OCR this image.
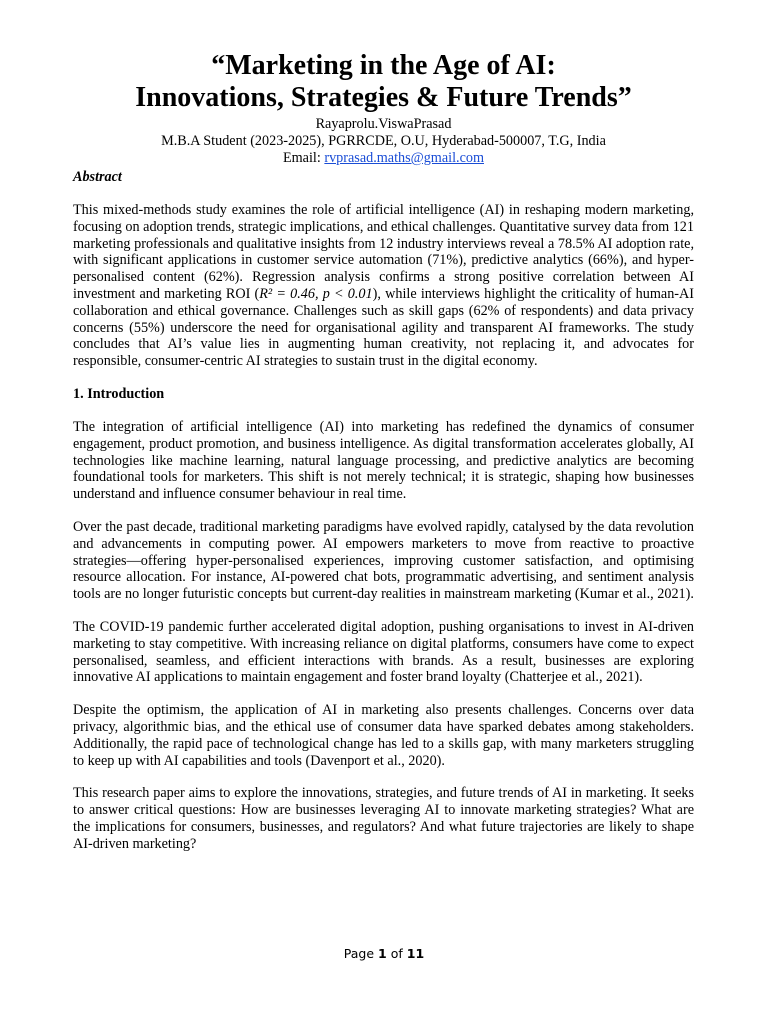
“Marketing in the Age of AI:
Innovations, Strategies & Future Trends”
Rayaprolu.ViswaPrasad
M.B.A Student (2023-2025), PGRRCDE, O.U, Hyderabad-500007, T.G, India
Email: rvprasad.maths@gmail.com
Abstract

This mixed-methods study examines the role of artificial intelligence (AI) in reshaping modern marketing, focusing on adoption trends, strategic implications, and ethical challenges. Quantitative survey data from 121 marketing professionals and qualitative insights from 12 industry interviews reveal a 78.5% AI adoption rate, with significant applications in customer service automation (71%), predictive analytics (66%), and hyper-personalised content (62%). Regression analysis confirms a strong positive correlation between AI investment and marketing ROI (R² = 0.46, p < 0.01), while interviews highlight the criticality of human-AI collaboration and ethical governance. Challenges such as skill gaps (62% of respondents) and data privacy concerns (55%) underscore the need for organisational agility and transparent AI frameworks. The study concludes that AI’s value lies in augmenting human creativity, not replacing it, and advocates for responsible, consumer-centric AI strategies to sustain trust in the digital economy.

1. Introduction

The integration of artificial intelligence (AI) into marketing has redefined the dynamics of consumer engagement, product promotion, and business intelligence. As digital transformation accelerates globally, AI technologies like machine learning, natural language processing, and predictive analytics are becoming foundational tools for marketers. This shift is not merely technical; it is strategic, shaping how businesses understand and influence consumer behaviour in real time.

Over the past decade, traditional marketing paradigms have evolved rapidly, catalysed by the data revolution and advancements in computing power. AI empowers marketers to move from reactive to proactive strategies—offering hyper-personalised experiences, improving customer satisfaction, and optimising resource allocation. For instance, AI-powered chat bots, programmatic advertising, and sentiment analysis tools are no longer futuristic concepts but current-day realities in mainstream marketing (Kumar et al., 2021).

The COVID-19 pandemic further accelerated digital adoption, pushing organisations to invest in AI-driven marketing to stay competitive. With increasing reliance on digital platforms, consumers have come to expect personalised, seamless, and efficient interactions with brands. As a result, businesses are exploring innovative AI applications to maintain engagement and foster brand loyalty (Chatterjee et al., 2021).

Despite the optimism, the application of AI in marketing also presents challenges. Concerns over data privacy, algorithmic bias, and the ethical use of consumer data have sparked debates among stakeholders. Additionally, the rapid pace of technological change has led to a skills gap, with many marketers struggling to keep up with AI capabilities and tools (Davenport et al., 2020).

This research paper aims to explore the innovations, strategies, and future trends of AI in marketing. It seeks to answer critical questions: How are businesses leveraging AI to innovate marketing strategies? What are the implications for consumers, businesses, and regulators? And what future trajectories are likely to shape AI-driven marketing?

Page 1 of 11
